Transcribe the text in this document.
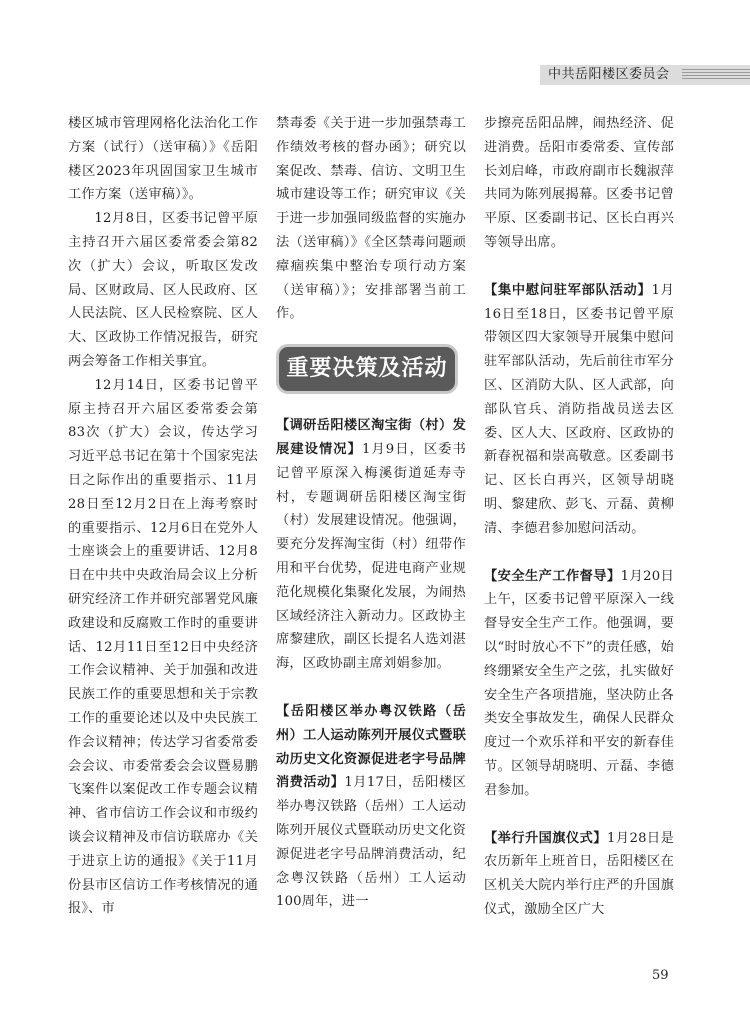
中共岳阳楼区委员会

楼区城市管理网格化法治化工作方案（试行）（送审稿）》《岳阳楼区2023年巩固国家卫生城市工作方案（送审稿）》。

12月8日，区委书记曾平原主持召开六届区委常委会第82次（扩大）会议，听取区发改局、区财政局、区人民政府、区人民法院、区人民检察院、区人大、区政协工作情况报告，研究两会筹备工作相关事宜。

12月14日，区委书记曾平原主持召开六届区委常委会第83次（扩大）会议，传达学习习近平总书记在第十个国家宪法日之际作出的重要指示、11月28日至12月2日在上海考察时的重要指示、12月6日在党外人士座谈会上的重要讲话、12月8日在中共中央政治局会议上分析研究经济工作并研究部署党风廉政建设和反腐败工作时的重要讲话、12月11日至12日中央经济工作会议精神、关于加强和改进民族工作的重要思想和关于宗教工作的重要论述以及中央民族工作会议精神；传达学习省委常委会会议、市委常委会会议暨易鹏飞案件以案促改工作专题会议精神、省市信访工作会议和市级约谈会议精神及市信访联席办《关于进京上访的通报》《关于11月份县市区信访工作考核情况的通报》、市

禁毒委《关于进一步加强禁毒工作绩效考核的督办函》；研究以案促改、禁毒、信访、文明卫生城市建设等工作；研究审议《关于进一步加强同级监督的实施办法（送审稿）》《全区禁毒问题顽瘴痼疾集中整治专项行动方案（送审稿）》；安排部署当前工作。

重要决策及活动

【调研岳阳楼区淘宝街（村）发展建设情况】1月9日，区委书记曾平原深入梅溪街道延寿寺村，专题调研岳阳楼区淘宝街（村）发展建设情况。他强调，要充分发挥淘宝街（村）纽带作用和平台优势，促进电商产业规范化规模化集聚化发展，为闹热区域经济注入新动力。区政协主席黎建欣，副区长提名人选刘湛海，区政协副主席刘娟参加。

【岳阳楼区举办粤汉铁路（岳州）工人运动陈列开展仪式暨联动历史文化资源促进老字号品牌消费活动】1月17日，岳阳楼区举办粤汉铁路（岳州）工人运动陈列开展仪式暨联动历史文化资源促进老字号品牌消费活动，纪念粤汉铁路（岳州）工人运动100周年，进一

步擦亮岳阳品牌，闹热经济、促进消费。岳阳市委常委、宣传部长刘启峰，市政府副市长魏淑萍共同为陈列展揭幕。区委书记曾平原、区委副书记、区长白再兴等领导出席。

【集中慰问驻军部队活动】1月16日至18日，区委书记曾平原带领区四大家领导开展集中慰问驻军部队活动，先后前往市军分区、区消防大队、区人武部，向部队官兵、消防指战员送去区委、区人大、区政府、区政协的新春祝福和崇高敬意。区委副书记、区长白再兴，区领导胡晓明、黎建欣、彭飞、亓磊、黄柳清、李德君参加慰问活动。

【安全生产工作督导】1月20日上午，区委书记曾平原深入一线督导安全生产工作。他强调，要以“时时放心不下”的责任感，始终绷紧安全生产之弦，扎实做好安全生产各项措施，坚决防止各类安全事故发生，确保人民群众度过一个欢乐祥和平安的新春佳节。区领导胡晓明、亓磊、李德君参加。

【举行升国旗仪式】1月28日是农历新年上班首日，岳阳楼区在区机关大院内举行庄严的升国旗仪式，激励全区广大

59
